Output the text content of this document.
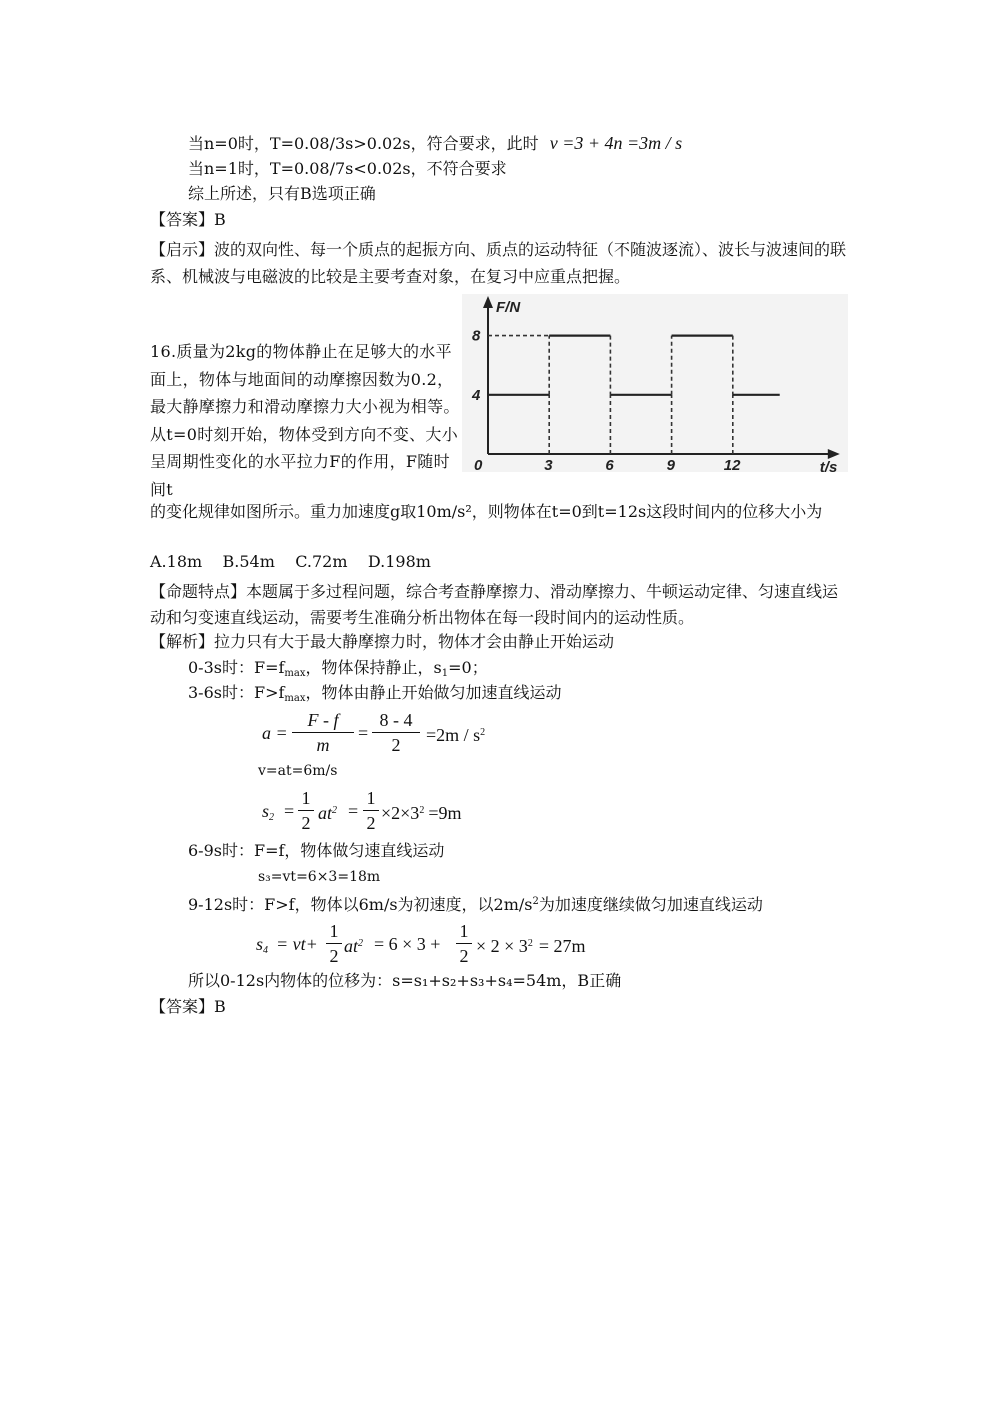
当n=0时，T=0.08/3s>0.02s，符合要求，此时 v =3 + 4n =3m / s
当n=1时，T=0.08/7s<0.02s，不符合要求
综上所述，只有B选项正确
【答案】B
【启示】波的双向性、每一个质点的起振方向、质点的运动特征（不随波逐流）、波长与波速间的联系、机械波与电磁波的比较是主要考查对象，在复习中应重点把握。
16.质量为2kg的物体静止在足够大的水平面上，物体与地面间的动摩擦因数为0.2，最大静摩擦力和滑动摩擦力大小视为相等。从t=0时刻开始，物体受到方向不变、大小呈周期性变化的水平拉力F的作用，F随时间t
的变化规律如图所示。重力加速度g取10m/s²，则物体在t=0到t=12s这段时间内的位移大小为
A.18m    B.54m    C.72m    D.198m
0	3	6	9	12
4
8
F/N
t/s
【命题特点】本题属于多过程问题，综合考查静摩擦力、滑动摩擦力、牛顿运动定律、匀速直线运动和匀变速直线运动，需要考生准确分析出物体在每一段时间内的运动性质。
【解析】拉力只有大于最大静摩擦力时，物体才会由静止开始运动
0-3s时：$F=f_{max}$，物体保持静止，$s_1=0$；
3-6s时：$F>f_{max}$，物体由静止开始做匀加速直线运动
a =
F - f
m
=
8 - 4
$2 =2m / s^2$
v=at=6m/s
$s_2$ =
1
2 $at^2$ =
1
$2 \times 2\times 3^2 =9m$
6-9s时：F=f，物体做匀速直线运动
s₃=vt=6×3=18m
9-12s时：F>f，物体以6m/s为初速度，以$2m/s^2$为加速度继续做匀加速直线运动
$s_4 = vt+$
1
2 $at^2 = 6 \times 3$ +
1
$2 \times 2 \times 3^2 = 27m$
所以0-12s内物体的位移为：s=s₁+s₂+s₃+s₄=54m，B正确
【答案】B
